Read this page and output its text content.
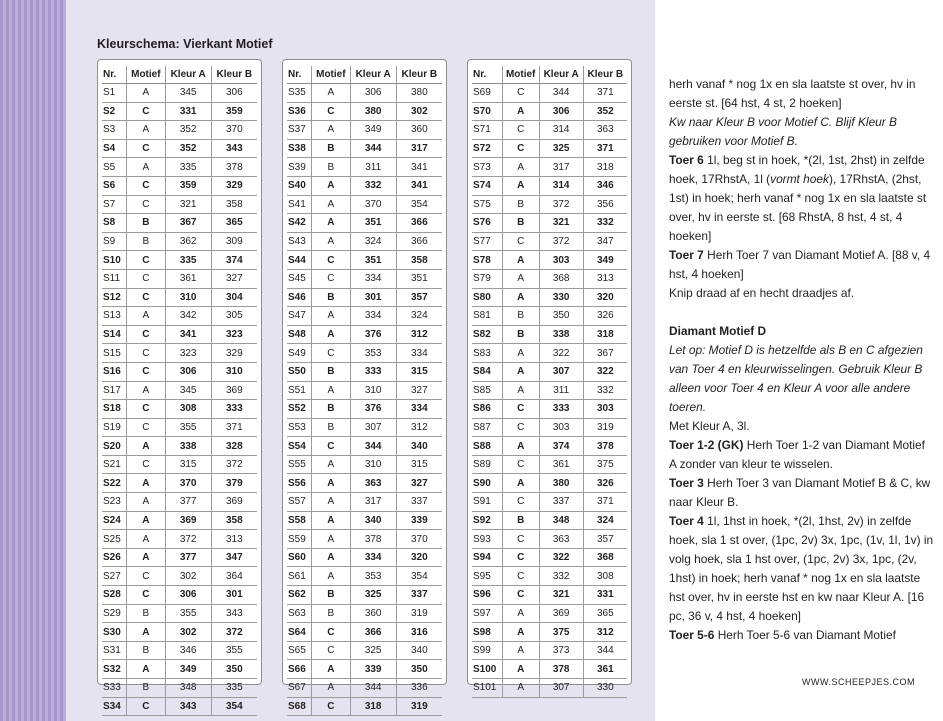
Kleurschema: Vierkant Motief
Nr.	Motief	Kleur A	Kleur B
S1	A	345	306
S2	C	331	359
S3	A	352	370
S4	C	352	343
S5	A	335	378
S6	C	359	329
S7	C	321	358
S8	B	367	365
S9	B	362	309
S10	C	335	374
S11	C	361	327
S12	C	310	304
S13	A	342	305
S14	C	341	323
S15	C	323	329
S16	C	306	310
S17	A	345	369
S18	C	308	333
S19	C	355	371
S20	A	338	328
S21	C	315	372
S22	A	370	379
S23	A	377	369
S24	A	369	358
S25	A	372	313
S26	A	377	347
S27	C	302	364
S28	C	306	301
S29	B	355	343
S30	A	302	372
S31	B	346	355
S32	A	349	350
S33	B	348	335
S34	C	343	354
Nr.	Motief	Kleur A	Kleur B
S35	A	306	380
S36	C	380	302
S37	A	349	360
S38	B	344	317
S39	B	311	341
S40	A	332	341
S41	A	370	354
S42	A	351	366
S43	A	324	366
S44	C	351	358
S45	C	334	351
S46	B	301	357
S47	A	334	324
S48	A	376	312
S49	C	353	334
S50	B	333	315
S51	A	310	327
S52	B	376	334
S53	B	307	312
S54	C	344	340
S55	A	310	315
S56	A	363	327
S57	A	317	337
S58	A	340	339
S59	A	378	370
S60	A	334	320
S61	A	353	354
S62	B	325	337
S63	B	360	319
S64	C	366	316
S65	C	325	340
S66	A	339	350
S67	A	344	336
S68	C	318	319
Nr.	Motief	Kleur A	Kleur B
S69	C	344	371
S70	A	306	352
S71	C	314	363
S72	C	325	371
S73	A	317	318
S74	A	314	346
S75	B	372	356
S76	B	321	332
S77	C	372	347
S78	A	303	349
S79	A	368	313
S80	A	330	320
S81	B	350	326
S82	B	338	318
S83	A	322	367
S84	A	307	322
S85	A	311	332
S86	C	333	303
S87	C	303	319
S88	A	374	378
S89	C	361	375
S90	A	380	326
S91	C	337	371
S92	B	348	324
S93	C	363	357
S94	C	322	368
S95	C	332	308
S96	C	321	331
S97	A	369	365
S98	A	375	312
S99	A	373	344
S100	A	378	361
S101	A	307	330

herh vanaf * nog 1x en sla laatste st over, hv in eerste st. [64 hst, 4 st, 2 hoeken]

Kw naar Kleur B voor Motief C. Blijf Kleur B gebruiken voor Motief B.

Toer 6 1l, beg st in hoek, *(2l, 1st, 2hst) in zelfde hoek, 17RhstA, 1l (vormt hoek), 17RhstA, (2hst, 1st) in hoek; herh vanaf * nog 1x en sla laatste st over, hv in eerste st. [68 RhstA, 8 hst, 4 st, 4 hoeken]

Toer 7 Herh Toer 7 van Diamant Motief A. [88 v, 4 hst, 4 hoeken]

Knip draad af en hecht draadjes af.

Diamant Motief D

Let op: Motief D is hetzelfde als B en C afgezien van Toer 4 en kleurwisselingen. Gebruik Kleur B alleen voor Toer 4 en Kleur A voor alle andere toeren.

Met Kleur A, 3l.

Toer 1-2 (GK) Herh Toer 1-2 van Diamant Motief A zonder van kleur te wisselen.

Toer 3 Herh Toer 3 van Diamant Motief B & C, kw naar Kleur B.

Toer 4 1l, 1hst in hoek, *(2l, 1hst, 2v) in zelfde hoek, sla 1 st over, (1pc, 2v) 3x, 1pc, (1v, 1l, 1v) in volg hoek, sla 1 hst over, (1pc, 2v) 3x, 1pc, (2v, 1hst) in hoek; herh vanaf * nog 1x en sla laatste hst over, hv in eerste hst en kw naar Kleur A. [16 pc, 36 v, 4 hst, 4 hoeken]

Toer 5-6 Herh Toer 5-6 van Diamant Motief

WWW.SCHEEPJES.COM
